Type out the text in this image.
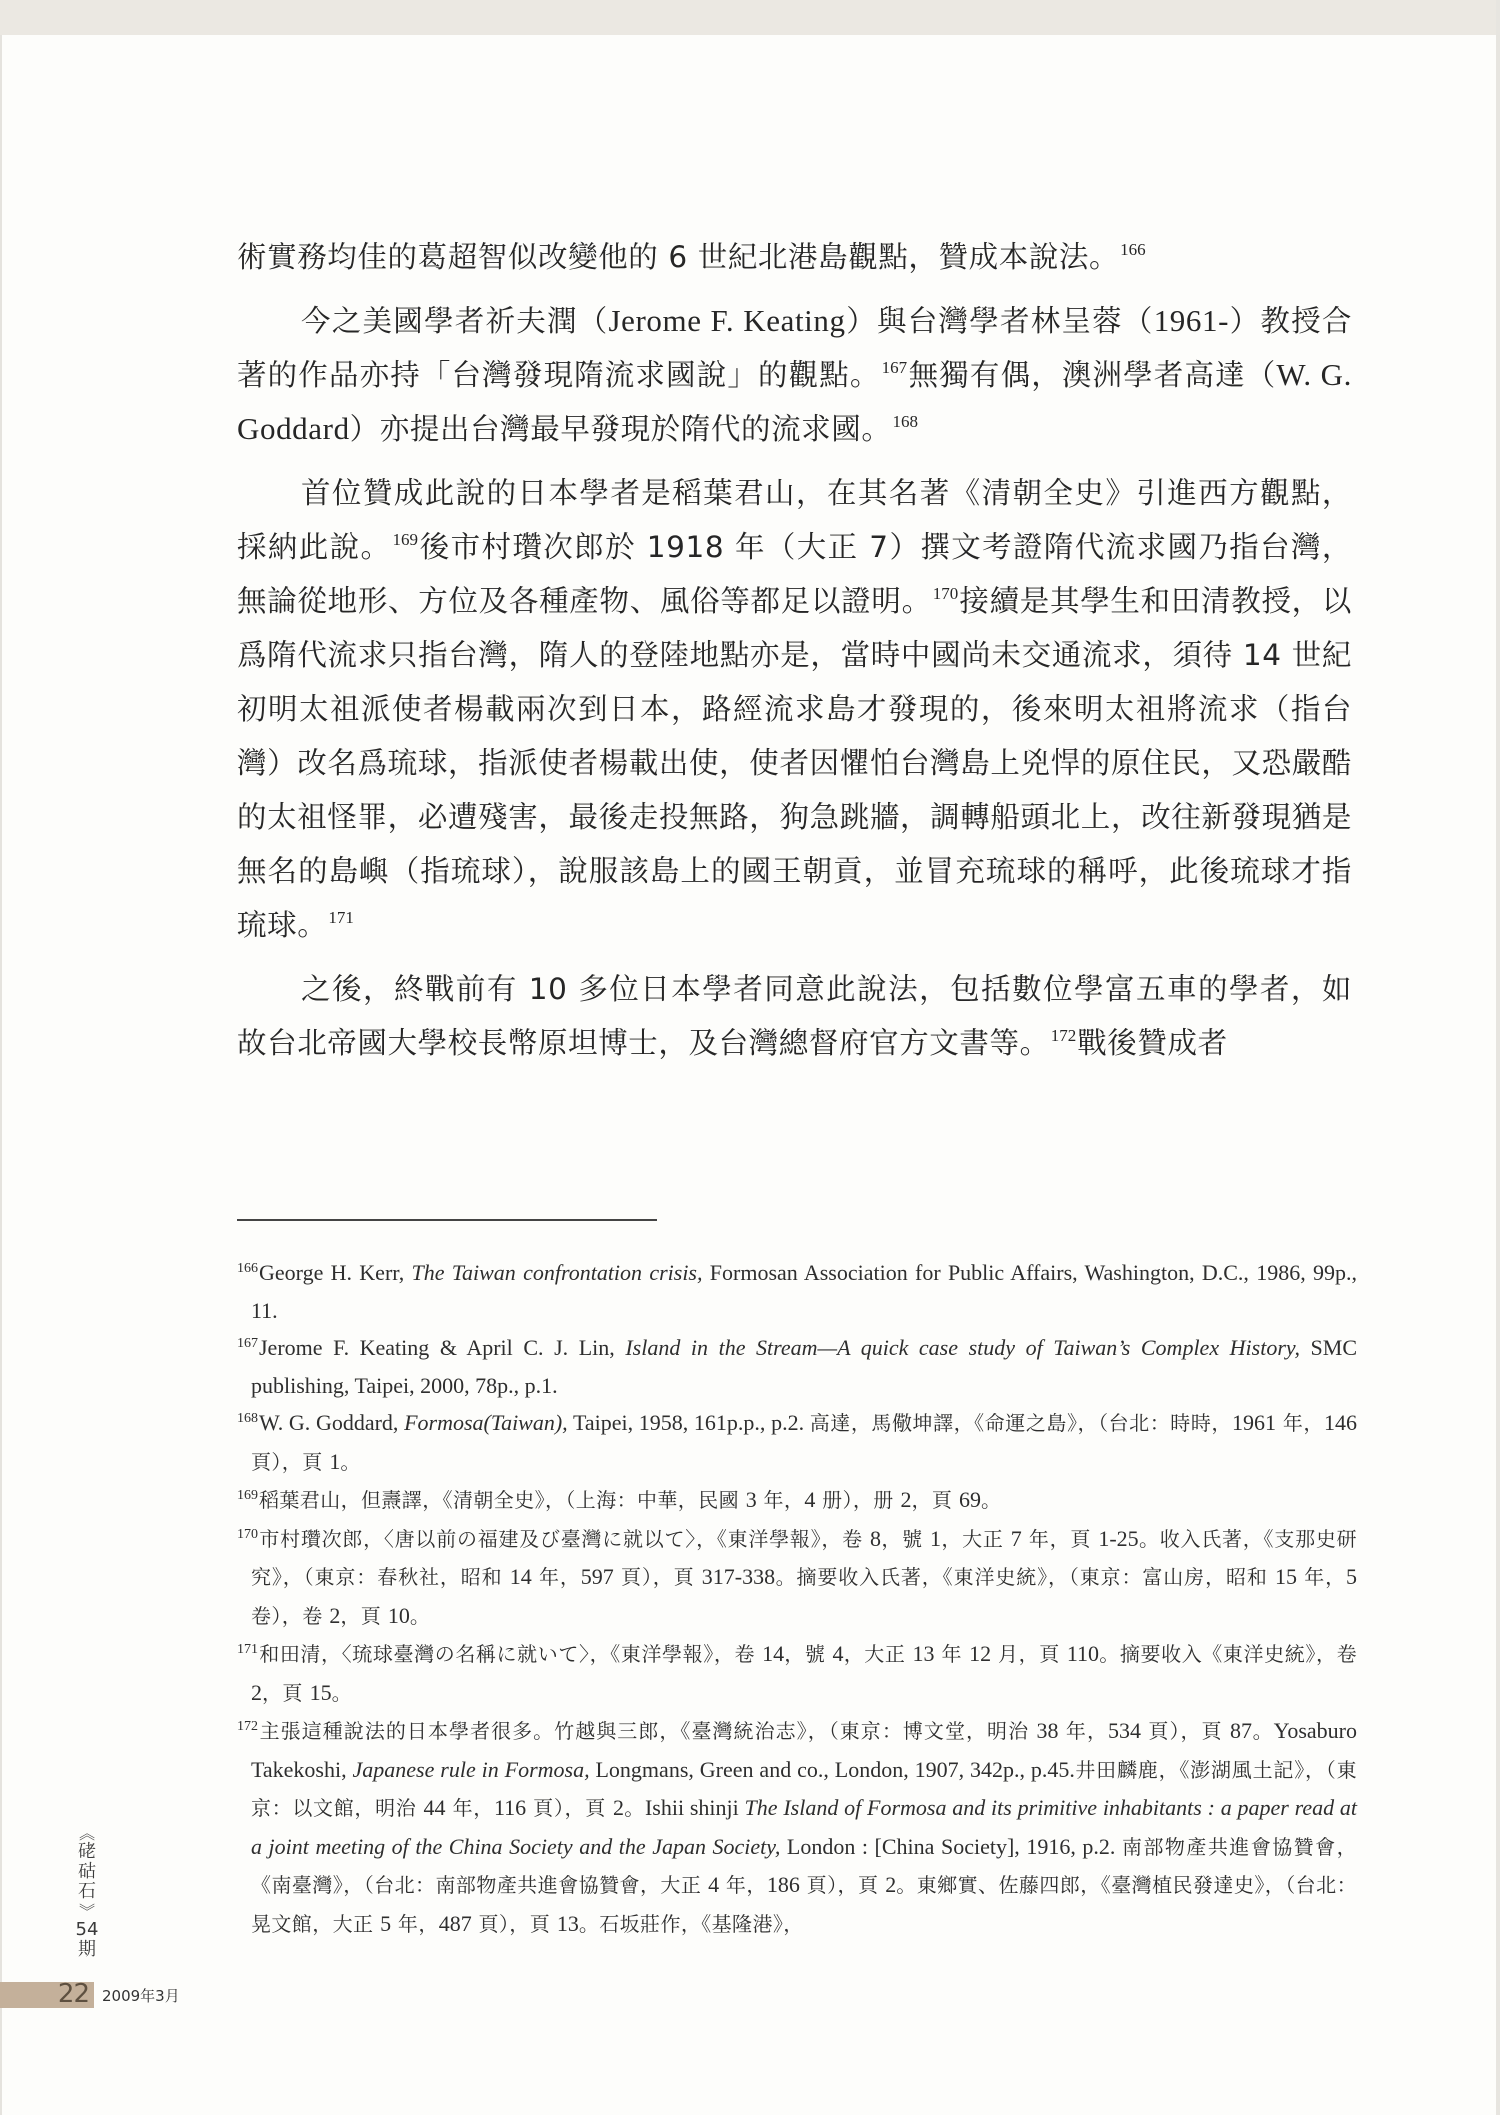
術實務均佳的葛超智似改變他的 6 世紀北港島觀點，贊成本說法。$^{166}$

今之美國學者祈夫潤（Jerome F. Keating）與台灣學者林呈蓉（1961-）教授合著的作品亦持「台灣發現隋流求國說」的觀點。$^{167}$無獨有偶，澳洲學者高達（W. G. Goddard）亦提出台灣最早發現於隋代的流求國。$^{168}$

首位贊成此說的日本學者是稻葉君山，在其名著《清朝全史》引進西方觀點，採納此說。$^{169}$後市村瓚次郎於 1918 年（大正 7）撰文考證隋代流求國乃指台灣，無論從地形、方位及各種產物、風俗等都足以證明。$^{170}$接續是其學生和田清教授，以爲隋代流求只指台灣，隋人的登陸地點亦是，當時中國尚未交通流求，須待 14 世紀初明太祖派使者楊載兩次到日本，路經流求島才發現的，後來明太祖將流求（指台灣）改名爲琉球，指派使者楊載出使，使者因懼怕台灣島上兇悍的原住民，又恐嚴酷的太祖怪罪，必遭殘害，最後走投無路，狗急跳牆，調轉船頭北上，改往新發現猶是無名的島嶼（指琉球），說服該島上的國王朝貢，並冒充琉球的稱呼，此後琉球才指琉球。$^{171}$

之後，終戰前有 10 多位日本學者同意此說法，包括數位學富五車的學者，如故台北帝國大學校長幣原坦博士，及台灣總督府官方文書等。$^{172}$戰後贊成者

$^{166}$George H. Kerr, The Taiwan confrontation crisis, Formosan Association for Public Affairs, Washington, D.C., 1986, 99p., 11.

$^{167}$Jerome F. Keating & April C. J. Lin, Island in the Stream—A quick case study of Taiwan’s Complex History, SMC publishing, Taipei, 2000, 78p., p.1.

$^{168}$W. G. Goddard, Formosa(Taiwan), Taipei, 1958, 161p.p., p.2. 高達，馬儆坤譯，《命運之島》，（台北：時時，1961 年，146 頁），頁 1。

$^{169}$稻葉君山，但燾譯，《清朝全史》，（上海：中華，民國 3 年，4 册），册 2，頁 69。

$^{170}$市村瓚次郎，〈唐以前の福建及び臺灣に就以て〉，《東洋學報》，卷 8，號 1，大正 7 年，頁 1-25。收入氏著，《支那史研究》，（東京：春秋社，昭和 14 年，597 頁），頁 317-338。摘要收入氏著，《東洋史統》，（東京：富山房，昭和 15 年，5 卷），卷 2，頁 10。

$^{171}$和田清，〈琉球臺灣の名稱に就いて〉，《東洋學報》，卷 14，號 4，大正 13 年 12 月，頁 110。摘要收入《東洋史統》，卷 2，頁 15。

$^{172}$主張這種說法的日本學者很多。竹越與三郎，《臺灣統治志》，（東京：博文堂，明治 38 年，534 頁），頁 87。Yosaburo Takekoshi, Japanese rule in Formosa, Longmans, Green and co., London, 1907, 342p., p.45.井田麟鹿，《澎湖風土記》，（東京：以文館，明治 44 年，116 頁），頁 2。Ishii shinji The Island of Formosa and its primitive inhabitants : a paper read at a joint meeting of the China Society and the Japan Society, London : [China Society], 1916, p.2. 南部物產共進會協贊會，《南臺灣》，（台北：南部物產共進會協贊會，大正 4 年，186 頁），頁 2。東鄉實、佐藤四郎，《臺灣植民發達史》，（台北：晃文館，大正 5 年，487 頁），頁 13。石坂莊作，《基隆港》，

《
硓
𥑮
石
》
54
期
22 2009年3月
